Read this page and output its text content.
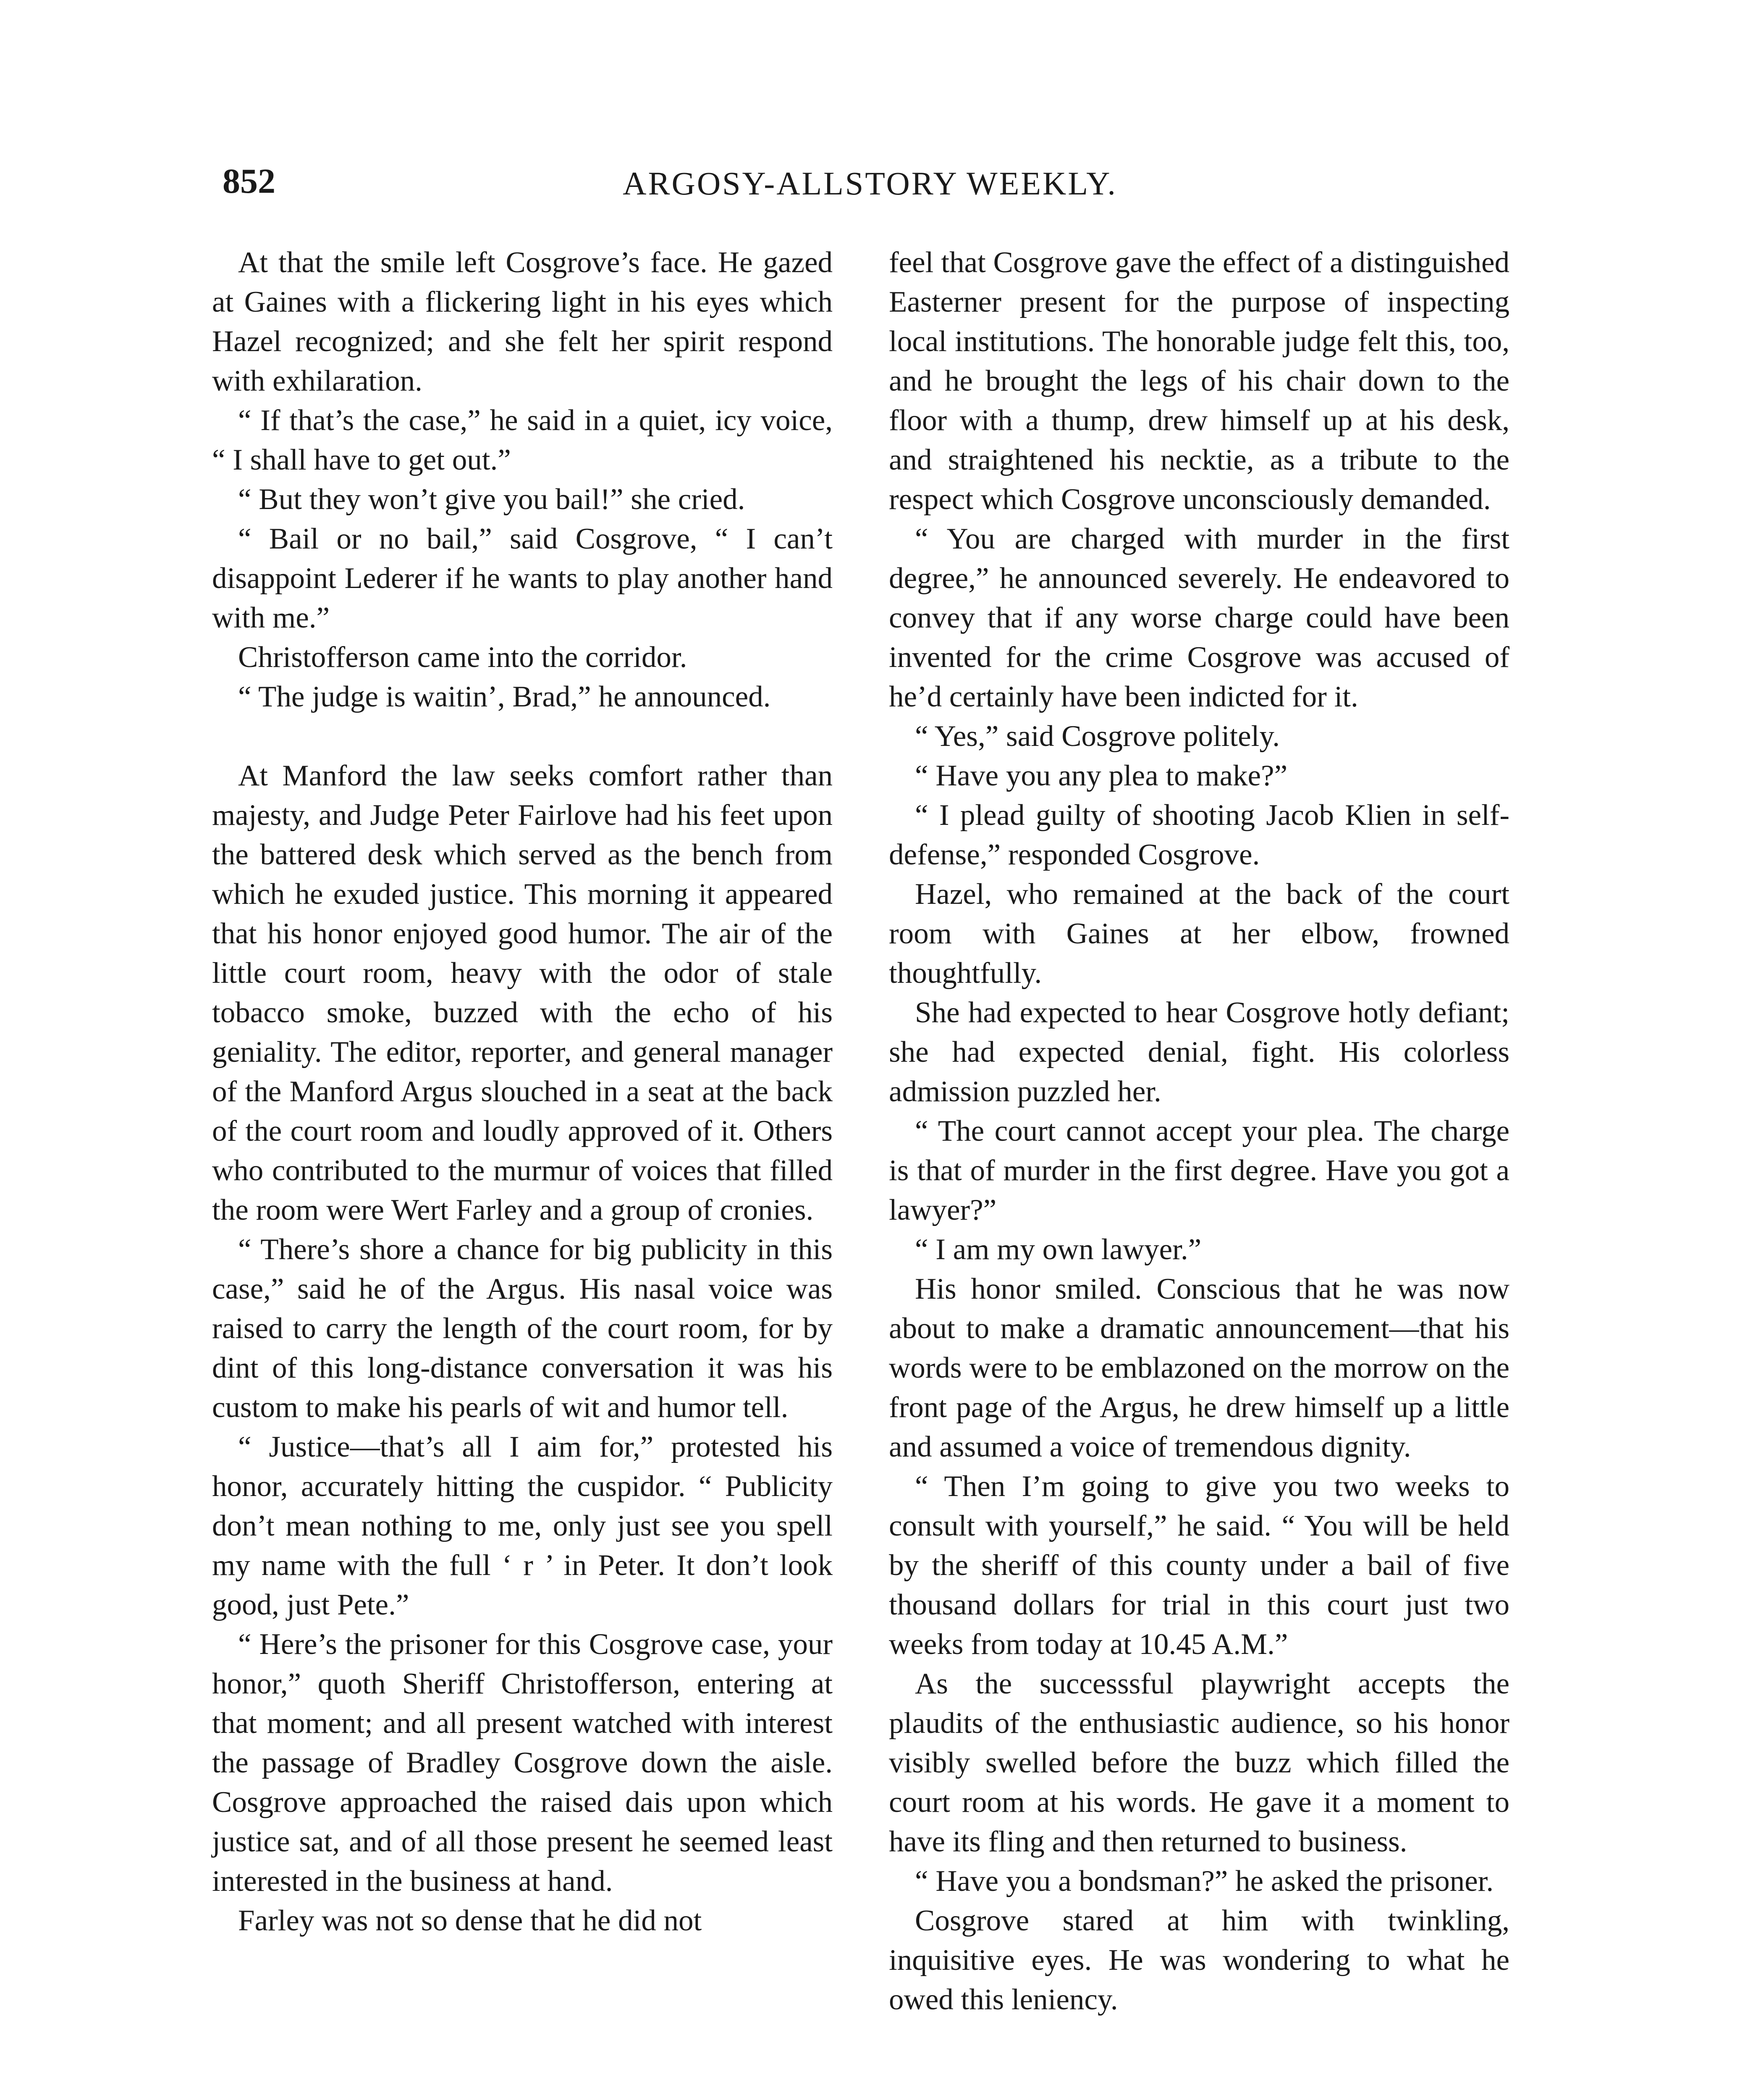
852	ARGOSY-ALLSTORY WEEKLY.

At that the smile left Cosgrove’s face. He gazed at Gaines with a flickering light in his eyes which Hazel recognized; and she felt her spirit respond with exhilaration.

“ If that’s the case,” he said in a quiet, icy voice, “ I shall have to get out.”

“ But they won’t give you bail!” she cried.

“ Bail or no bail,” said Cosgrove, “ I can’t disappoint Lederer if he wants to play another hand with me.”

Christofferson came into the corridor.

“ The judge is waitin’, Brad,” he announced.

At Manford the law seeks comfort rather than majesty, and Judge Peter Fairlove had his feet upon the battered desk which served as the bench from which he exuded justice. This morning it appeared that his honor enjoyed good humor. The air of the little court room, heavy with the odor of stale tobacco smoke, buzzed with the echo of his geniality. The editor, reporter, and general manager of the Manford Argus slouched in a seat at the back of the court room and loudly approved of it. Others who contributed to the murmur of voices that filled the room were Wert Farley and a group of cronies.

“ There’s shore a chance for big publicity in this case,” said he of the Argus. His nasal voice was raised to carry the length of the court room, for by dint of this long-distance conversation it was his custom to make his pearls of wit and humor tell.

“ Justice—that’s all I aim for,” protested his honor, accurately hitting the cuspidor. “ Publicity don’t mean nothing to me, only just see you spell my name with the full ‘ r ’ in Peter. It don’t look good, just Pete.”

“ Here’s the prisoner for this Cosgrove case, your honor,” quoth Sheriff Christofferson, entering at that moment; and all present watched with interest the passage of Bradley Cosgrove down the aisle. Cosgrove approached the raised dais upon which justice sat, and of all those present he seemed least interested in the business at hand.

Farley was not so dense that he did not

feel that Cosgrove gave the effect of a distinguished Easterner present for the purpose of inspecting local institutions. The honorable judge felt this, too, and he brought the legs of his chair down to the floor with a thump, drew himself up at his desk, and straightened his necktie, as a tribute to the respect which Cosgrove unconsciously demanded.

“ You are charged with murder in the first degree,” he announced severely. He endeavored to convey that if any worse charge could have been invented for the crime Cosgrove was accused of he’d certainly have been indicted for it.

“ Yes,” said Cosgrove politely.

“ Have you any plea to make?”

“ I plead guilty of shooting Jacob Klien in self-defense,” responded Cosgrove.

Hazel, who remained at the back of the court room with Gaines at her elbow, frowned thoughtfully.

She had expected to hear Cosgrove hotly defiant; she had expected denial, fight. His colorless admission puzzled her.

“ The court cannot accept your plea. The charge is that of murder in the first degree. Have you got a lawyer?”

“ I am my own lawyer.”

His honor smiled. Conscious that he was now about to make a dramatic announcement—that his words were to be emblazoned on the morrow on the front page of the Argus, he drew himself up a little and assumed a voice of tremendous dignity.

“ Then I’m going to give you two weeks to consult with yourself,” he said. “ You will be held by the sheriff of this county under a bail of five thousand dollars for trial in this court just two weeks from today at 10.45 A.M.”

As the successsful playwright accepts the plaudits of the enthusiastic audience, so his honor visibly swelled before the buzz which filled the court room at his words. He gave it a moment to have its fling and then returned to business.

“ Have you a bondsman?” he asked the prisoner.

Cosgrove stared at him with twinkling, inquisitive eyes. He was wondering to what he owed this leniency.
